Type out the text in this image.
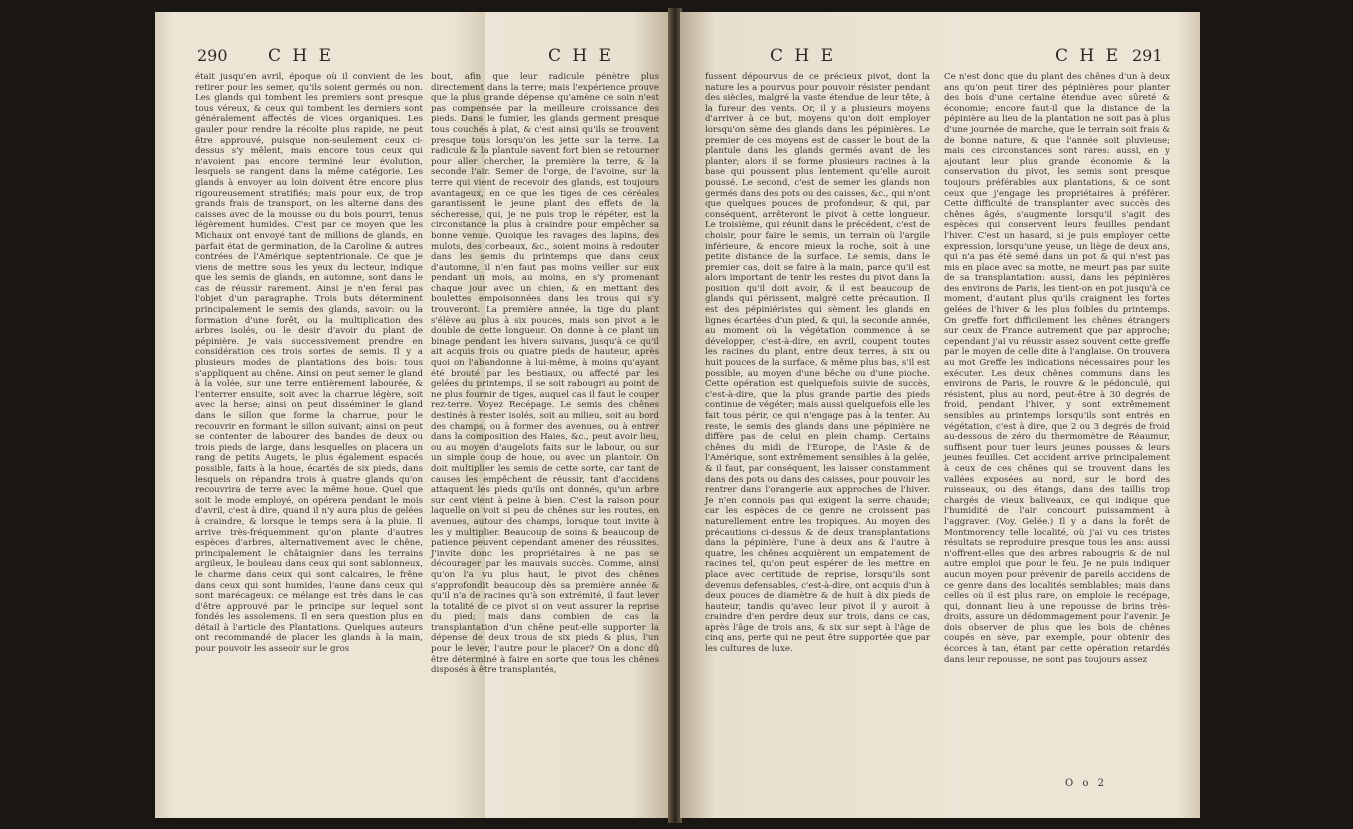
290 C H E	C H E	C H E	C H E 291
était jusqu'en avril, époque où il convient de les retirer pour les semer, qu'ils soient germés ou non. Les glands qui tombent les premiers sont presque tous véreux, & ceux qui tombent les derniers sont généralement affectés de vices organiques. Les gauler pour rendre la récolte plus rapide, ne peut être approuvé, puisque non-seulement ceux ci-dessus s'y mêlent, mais encore tous ceux qui n'avoient pas encore terminé leur évolution, lesquels se rangent dans la même catégorie. Les glands à envoyer au loin doivent être encore plus rigoureusement stratifiés; mais pour eux, de trop grands frais de transport, on les alterne dans des caisses avec de la mousse ou du bois pourri, tenus légèrement humides. C'est par ce moyen que les Michaux ont envoyé tant de millions de glands, en parfait état de germination, de la Caroline & autres contrées de l'Amérique septentrionale. Ce que je viens de mettre sous les yeux du lecteur, indique que les semis de glands, en automne, sont dans le cas de réussir rarement. Ainsi je n'en ferai pas l'objet d'un paragraphe. Trois buts déterminent principalement le semis des glands, savoir: ou la formation d'une forêt, ou la multiplication des arbres isolés, ou le desir d'avoir du plant de pépinière. Je vais successivement prendre en considération ces trois sortes de semis. Il y a plusieurs modes de plantations des bois: tous s'appliquent au chêne. Ainsi on peut semer le gland à la volée, sur une terre entièrement labourée, & l'enterrer ensuite, soit avec la charrue légère, soit avec la herse; ainsi on peut disséminer le gland dans le sillon que forme la charrue, pour le recouvrir en formant le sillon suivant; ainsi on peut se contenter de labourer des bandes de deux ou trois pieds de large, dans lesquelles on placera un rang de petits Augets, le plus également espacés possible, faits à la houe, écartés de six pieds, dans lesquels on répandra trois à quatre glands qu'on recouvrira de terre avec la même houe. Quel que soit le mode employé, on opérera pendant le mois d'avril, c'est à dire, quand il n'y aura plus de gelées à craindre, & lorsque le temps sera à la pluie. Il arrive très-fréquemment qu'on plante d'autres espèces d'arbres, alternativement avec le chêne, principalement le châtaignier dans les terrains argileux, le bouleau dans ceux qui sont sablonneux, le charme dans ceux qui sont calcaires, le frêne dans ceux qui sont humides, l'aune dans ceux qui sont marécageux: ce mélange est très dans le cas d'être approuvé par le principe sur lequel sont fondés les assolemens. Il en sera question plus en détail à l'article des Plantations. Quelques auteurs ont recommandé de placer les glands à la main, pour pouvoir les asseoir sur le gros
bout, afin que leur radicule pénètre plus directement dans la terre; mais l'expérience prouve que la plus grande dépense qu'amène ce soin n'est pas compensée par la meilleure croissance des pieds. Dans le fumier, les glands germent presque tous couchés à plat, & c'est ainsi qu'ils se trouvent presque tous lorsqu'on les jette sur la terre. La radicule & la plantule savent fort bien se retourner pour aller chercher, la première la terre, & la seconde l'air. Semer de l'orge, de l'avoine, sur la terre qui vient de recevoir des glands, est toujours avantageux, en ce que les tiges de ces céréales garantissent le jeune plant des effets de la sécheresse, qui, je ne puis trop le répéter, est la circonstance la plus à craindre pour empêcher sa bonne venue. Quoique les ravages des lapins, des mulots, des corbeaux, &c., soient moins à redouter dans les semis du printemps que dans ceux d'automne, il n'en faut pas moins veiller sur eux pendant un mois, au moins, en s'y promenant chaque jour avec un chien, & en mettant des boulettes empoisonnées dans les trous qui s'y trouveront. La première année, la tige du plant s'élève au plus à six pouces, mais son pivot a le double de cette longueur. On donne à ce plant un binage pendant les hivers suivans, jusqu'à ce qu'il ait acquis trois ou quatre pieds de hauteur, après quoi on l'abandonne à lui-même, à moins qu'ayant été brouté par les bestiaux, ou affecté par les gelées du printemps, il se soit rabougri au point de ne plus fournir de tiges, auquel cas il faut le couper rez-terre. Voyez Recépage. Le semis des chênes destinés à rester isolés, soit au milieu, soit au bord des champs, ou à former des avenues, ou à entrer dans la composition des Haies, &c., peut avoir lieu, ou au moyen d'augelots faits sur le labour, ou sur un simple coup de houe, ou avec un plantoir. On doit multiplier les semis de cette sorte, car tant de causes les empêchent de réussir, tant d'accidens attaquent les pieds qu'ils ont donnés, qu'un arbre sur cent vient à peine à bien. C'est la raison pour laquelle on voit si peu de chênes sur les routes, en avenues, autour des champs, lorsque tout invite à les y multiplier. Beaucoup de soins & beaucoup de patience peuvent cependant amener des réussites. J'invite donc les propriétaires à ne pas se décourager par les mauvais succès. Comme, ainsi qu'on l'a vu plus haut, le pivot des chênes s'approfondit beaucoup dès sa première année & qu'il n'a de racines qu'à son extrémité, il faut lever la totalité de ce pivot si on veut assurer la reprise du pied; mais dans combien de cas la transplantation d'un chêne peut-elle supporter la dépense de deux trous de six pieds & plus, l'un pour le lever, l'autre pour le placer? On a donc dû être déterminé à faire en sorte que tous les chênes disposés à être transplantés,
fussent dépourvus de ce précieux pivot, dont la nature les a pourvus pour pouvoir résister pendant des siècles, malgré la vaste étendue de leur tête, à la fureur des vents. Or, il y a plusieurs moyens d'arriver à ce but, moyens qu'on doit employer lorsqu'on sème des glands dans les pépinières. Le premier de ces moyens est de casser le bout de la plantule dans les glands germés avant de les planter; alors il se forme plusieurs racines à la base qui poussent plus lentement qu'elle auroit poussé. Le second, c'est de semer les glands non germés dans des pots ou des caisses, &c., qui n'ont que quelques pouces de profondeur, & qui, par conséquent, arrêteront le pivot à cette longueur. Le troisième, qui réunit dans le précédent, c'est de choisir, pour faire le semis, un terrain où l'argile inférieure, & encore mieux la roche, soit à une petite distance de la surface. Le semis, dans le premier cas, doit se faire à la main, parce qu'il est alors important de tenir les restes du pivot dans la position qu'il doit avoir, & il est beaucoup de glands qui périssent, malgré cette précaution. Il est des pépiniéristes qui sèment les glands en lignes écartées d'un pied, & qui, la seconde année, au moment où la végétation commence à se développer, c'est-à-dire, en avril, coupent toutes les racines du plant, entre deux terres, à six ou huit pouces de la surface, & même plus bas, s'il est possible, au moyen d'une bêche ou d'une pioche. Cette opération est quelquefois suivie de succès, c'est-à-dire, que la plus grande partie des pieds continue de végéter; mais aussi quelquefois elle les fait tous périr, ce qui n'engage pas à la tenter. Au reste, le semis des glands dans une pépinière ne diffère pas de celui en plein champ. Certains chênes du midi de l'Europe, de l'Asie & de l'Amérique, sont extrêmement sensibles à la gelée, & il faut, par conséquent, les laisser constamment dans des pots ou dans des caisses, pour pouvoir les rentrer dans l'orangerie aux approches de l'hiver. Je n'en connois pas qui exigent la serre chaude; car les espèces de ce genre ne croissent pas naturellement entre les tropiques. Au moyen des précautions ci-dessus & de deux transplantations dans la pépinière, l'une à deux ans & l'autre à quatre, les chênes acquièrent un empatement de racines tel, qu'on peut espérer de les mettre en place avec certitude de reprise, lorsqu'ils sont devenus defensables, c'est-à-dire, ont acquis d'un à deux pouces de diamètre & de huit à dix pieds de hauteur, tandis qu'avec leur pivot il y auroit à craindre d'en perdre deux sur trois, dans ce cas, après l'âge de trois ans, & six sur sept à l'âge de cinq ans, perte qui ne peut être supportée que par les cultures de luxe.
Ce n'est donc que du plant des chênes d'un à deux ans qu'on peut tirer des pépinières pour planter des bois d'une certaine étendue avec sûreté & économie; encore faut-il que la distance de la pépinière au lieu de la plantation ne soit pas à plus d'une journée de marche, que le terrain soit frais & de bonne nature, & que l'année soit pluvieuse; mais ces circonstances sont rares: aussi, en y ajoutant leur plus grande économie & la conservation du pivot, les semis sont presque toujours préférables aux plantations, & ce sont ceux que j'engage les propriétaires à préférer. Cette difficulté de transplanter avec succès des chênes âgés, s'augmente lorsqu'il s'agit des espèces qui conservent leurs feuilles pendant l'hiver. C'est un hasard, si je puis employer cette expression, lorsqu'une yeuse, un liège de deux ans, qui n'a pas été semé dans un pot & qui n'est pas mis en place avec sa motte, ne meurt pas par suite de sa transplantation: aussi, dans les pépinières des environs de Paris, les tient-on en pot jusqu'à ce moment, d'autant plus qu'ils craignent les fortes gelées de l'hiver & les plus foibles du printemps. On greffe fort difficilement les chênes étrangers sur ceux de France autrement que par approche; cependant j'ai vu réussir assez souvent cette greffe par le moyen de celle dite à l'anglaise. On trouvera au mot Greffe les indications nécessaires pour les exécuter. Les deux chênes communs dans les environs de Paris, le rouvre & le pédonculé, qui résistent, plus au nord, peut-être à 30 degrés de froid, pendant l'hiver, y sont extrêmement sensibles au printemps lorsqu'ils sont entrés en végétation, c'est à dire, que 2 ou 3 degrés de froid au-dessous de zéro du thermomètre de Réaumur, suffisent pour tuer leurs jeunes pousses & leurs jeunes feuilles. Cet accident arrive principalement à ceux de ces chênes qui se trouvent dans les vallées exposées au nord, sur le bord des ruisseaux, ou des étangs, dans des taillis trop chargés de vieux baliveaux, ce qui indique que l'humidité de l'air concourt puissamment à l'aggraver. (Voy. Gelée.) Il y a dans la forêt de Montmorency telle localité, où j'ai vu ces tristes résultats se reproduire presque tous les ans: aussi n'offrent-elles que des arbres rabougris & de nul autre emploi que pour le feu. Je ne puis indiquer aucun moyen pour prévenir de pareils accidens de ce genre dans des localités semblables; mais dans celles où il est plus rare, on emploie le recépage, qui, donnant lieu à une repousse de brins très-droits, assure un dédommagement pour l'avenir. Je dois observer de plus que les bois de chênes coupés en sève, par exemple, pour obtenir des écorces à tan, étant par cette opération retardés dans leur repousse, ne sont pas toujours assez
O o 2
